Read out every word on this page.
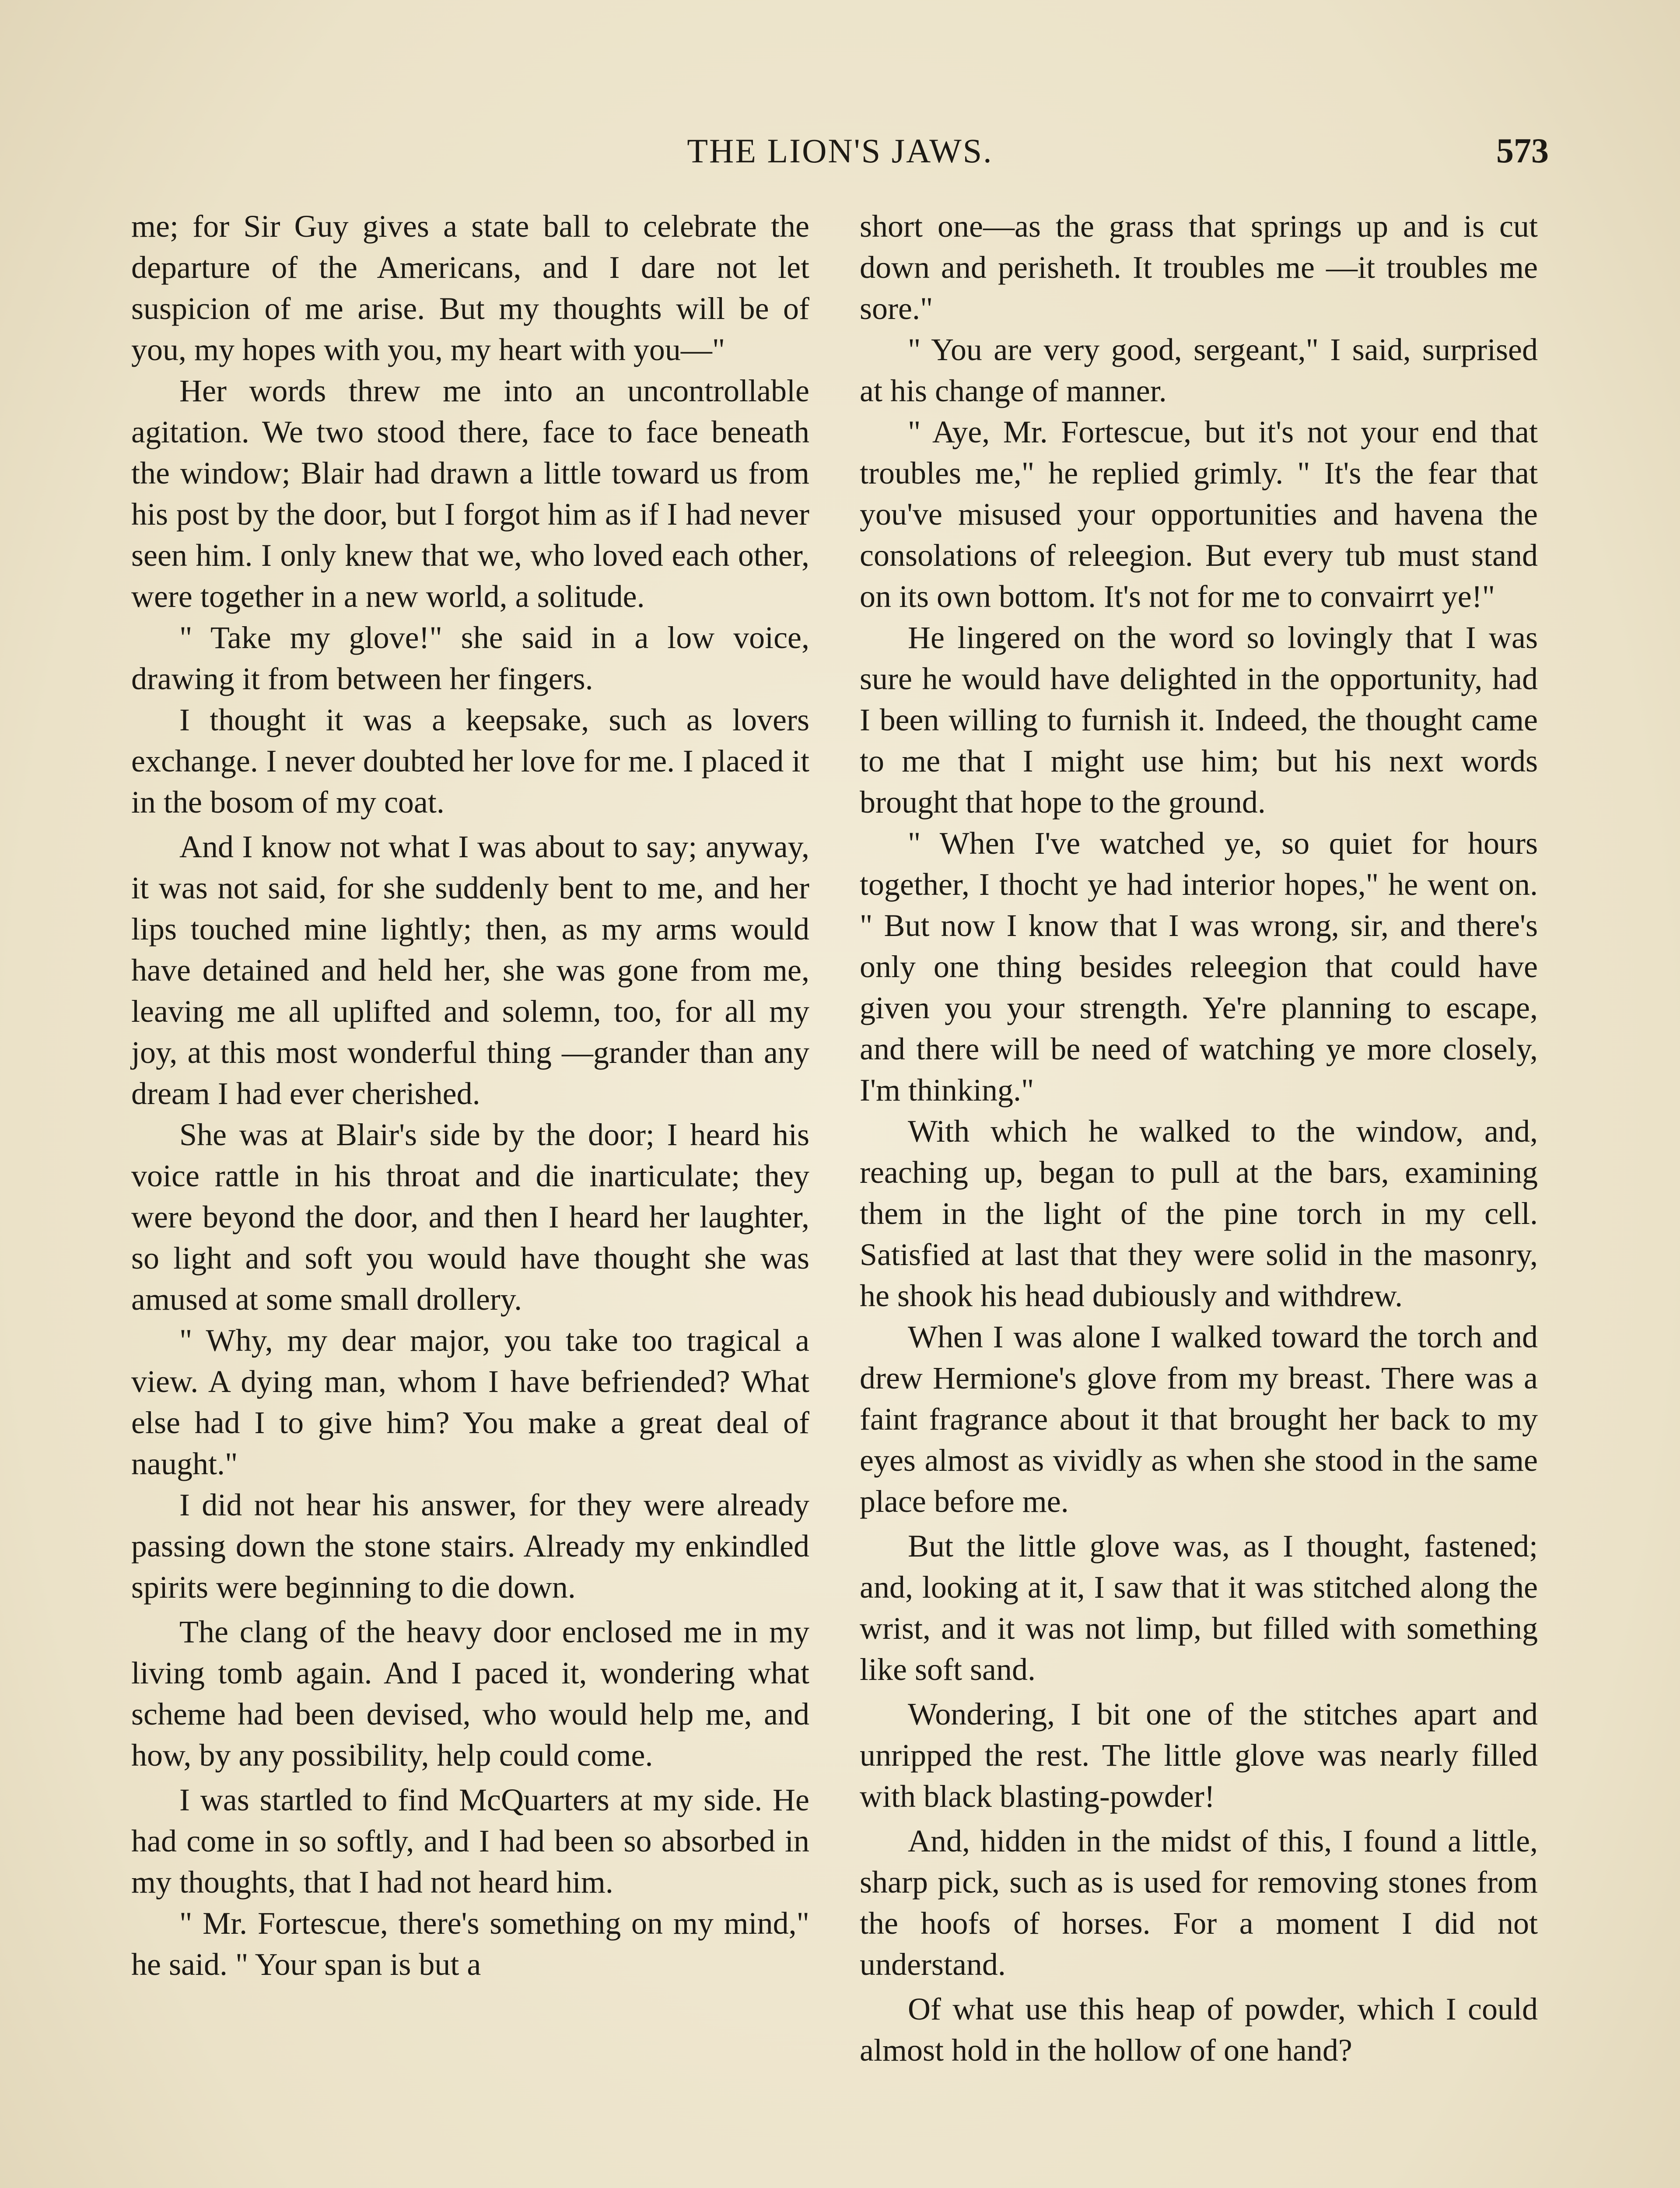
THE LION'S JAWS.	573

me; for Sir Guy gives a state ball to celebrate the departure of the Americans, and I dare not let suspicion of me arise. But my thoughts will be of you, my hopes with you, my heart with you—"

Her words threw me into an uncontrollable agitation. We two stood there, face to face beneath the window; Blair had drawn a little toward us from his post by the door, but I forgot him as if I had never seen him. I only knew that we, who loved each other, were together in a new world, a solitude.

" Take my glove!" she said in a low voice, drawing it from between her fingers.

I thought it was a keepsake, such as lovers exchange. I never doubted her love for me. I placed it in the bosom of my coat.

And I know not what I was about to say; anyway, it was not said, for she suddenly bent to me, and her lips touched mine lightly; then, as my arms would have detained and held her, she was gone from me, leaving me all uplifted and solemn, too, for all my joy, at this most wonderful thing —grander than any dream I had ever cherished.

She was at Blair's side by the door; I heard his voice rattle in his throat and die inarticulate; they were beyond the door, and then I heard her laughter, so light and soft you would have thought she was amused at some small drollery.

" Why, my dear major, you take too tragical a view. A dying man, whom I have befriended? What else had I to give him? You make a great deal of naught."

I did not hear his answer, for they were already passing down the stone stairs. Already my enkindled spirits were beginning to die down.

The clang of the heavy door enclosed me in my living tomb again. And I paced it, wondering what scheme had been devised, who would help me, and how, by any possibility, help could come.

I was startled to find McQuarters at my side. He had come in so softly, and I had been so absorbed in my thoughts, that I had not heard him.

" Mr. Fortescue, there's something on my mind," he said. " Your span is but a

short one—as the grass that springs up and is cut down and perisheth. It troubles me —it troubles me sore."

" You are very good, sergeant," I said, surprised at his change of manner.

" Aye, Mr. Fortescue, but it's not your end that troubles me," he replied grimly. " It's the fear that you've misused your opportunities and havena the consolations of releegion. But every tub must stand on its own bottom. It's not for me to convairrt ye!"

He lingered on the word so lovingly that I was sure he would have delighted in the opportunity, had I been willing to furnish it. Indeed, the thought came to me that I might use him; but his next words brought that hope to the ground.

" When I've watched ye, so quiet for hours together, I thocht ye had interior hopes," he went on. " But now I know that I was wrong, sir, and there's only one thing besides releegion that could have given you your strength. Ye're planning to escape, and there will be need of watching ye more closely, I'm thinking."

With which he walked to the window, and, reaching up, began to pull at the bars, examining them in the light of the pine torch in my cell. Satisfied at last that they were solid in the masonry, he shook his head dubiously and withdrew.

When I was alone I walked toward the torch and drew Hermione's glove from my breast. There was a faint fragrance about it that brought her back to my eyes almost as vividly as when she stood in the same place before me.

But the little glove was, as I thought, fastened; and, looking at it, I saw that it was stitched along the wrist, and it was not limp, but filled with something like soft sand.

Wondering, I bit one of the stitches apart and unripped the rest. The little glove was nearly filled with black blasting-powder!

And, hidden in the midst of this, I found a little, sharp pick, such as is used for removing stones from the hoofs of horses. For a moment I did not understand.

Of what use this heap of powder, which I could almost hold in the hollow of one hand?
